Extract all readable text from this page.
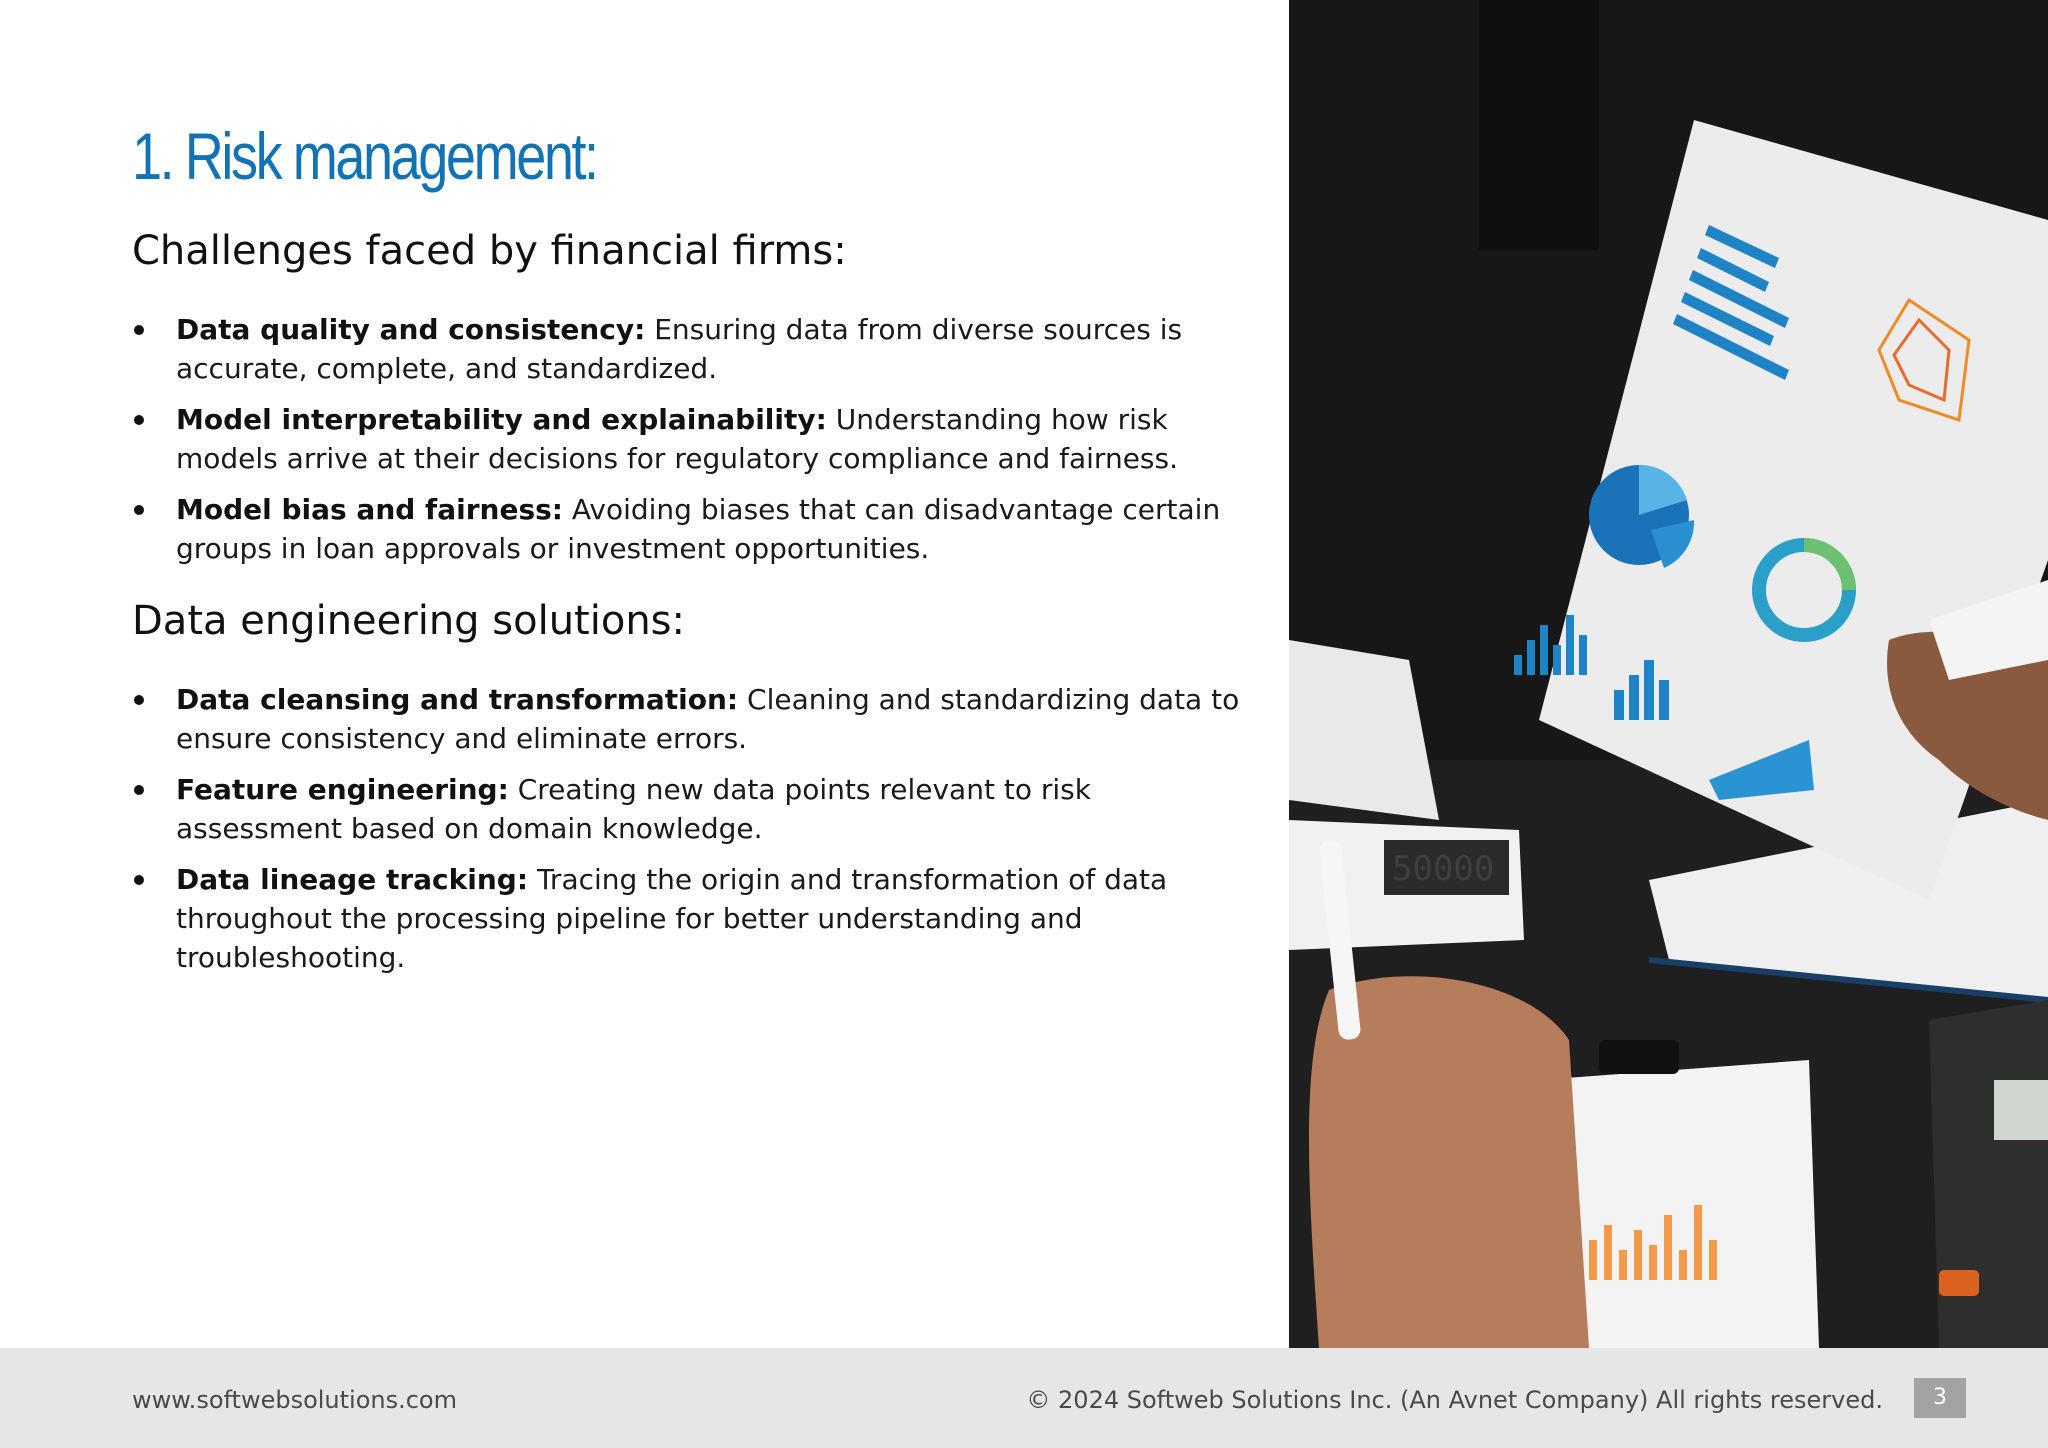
1. Risk management:
Challenges faced by financial firms:
Data quality and consistency: Ensuring data from diverse sources is accurate, complete, and standardized.
Model interpretability and explainability: Understanding how risk models arrive at their decisions for regulatory compliance and fairness.
Model bias and fairness: Avoiding biases that can disadvantage certain groups in loan approvals or investment opportunities.
Data engineering solutions:
Data cleansing and transformation: Cleaning and standardizing data to ensure consistency and eliminate errors.
Feature engineering: Creating new data points relevant to risk assessment based on domain knowledge.
Data lineage tracking: Tracing the origin and transformation of data throughout the processing pipeline for better understanding and troubleshooting.
50000
www.softwebsolutions.com	© 2024 Softweb Solutions Inc. (An Avnet Company) All rights reserved.	3
